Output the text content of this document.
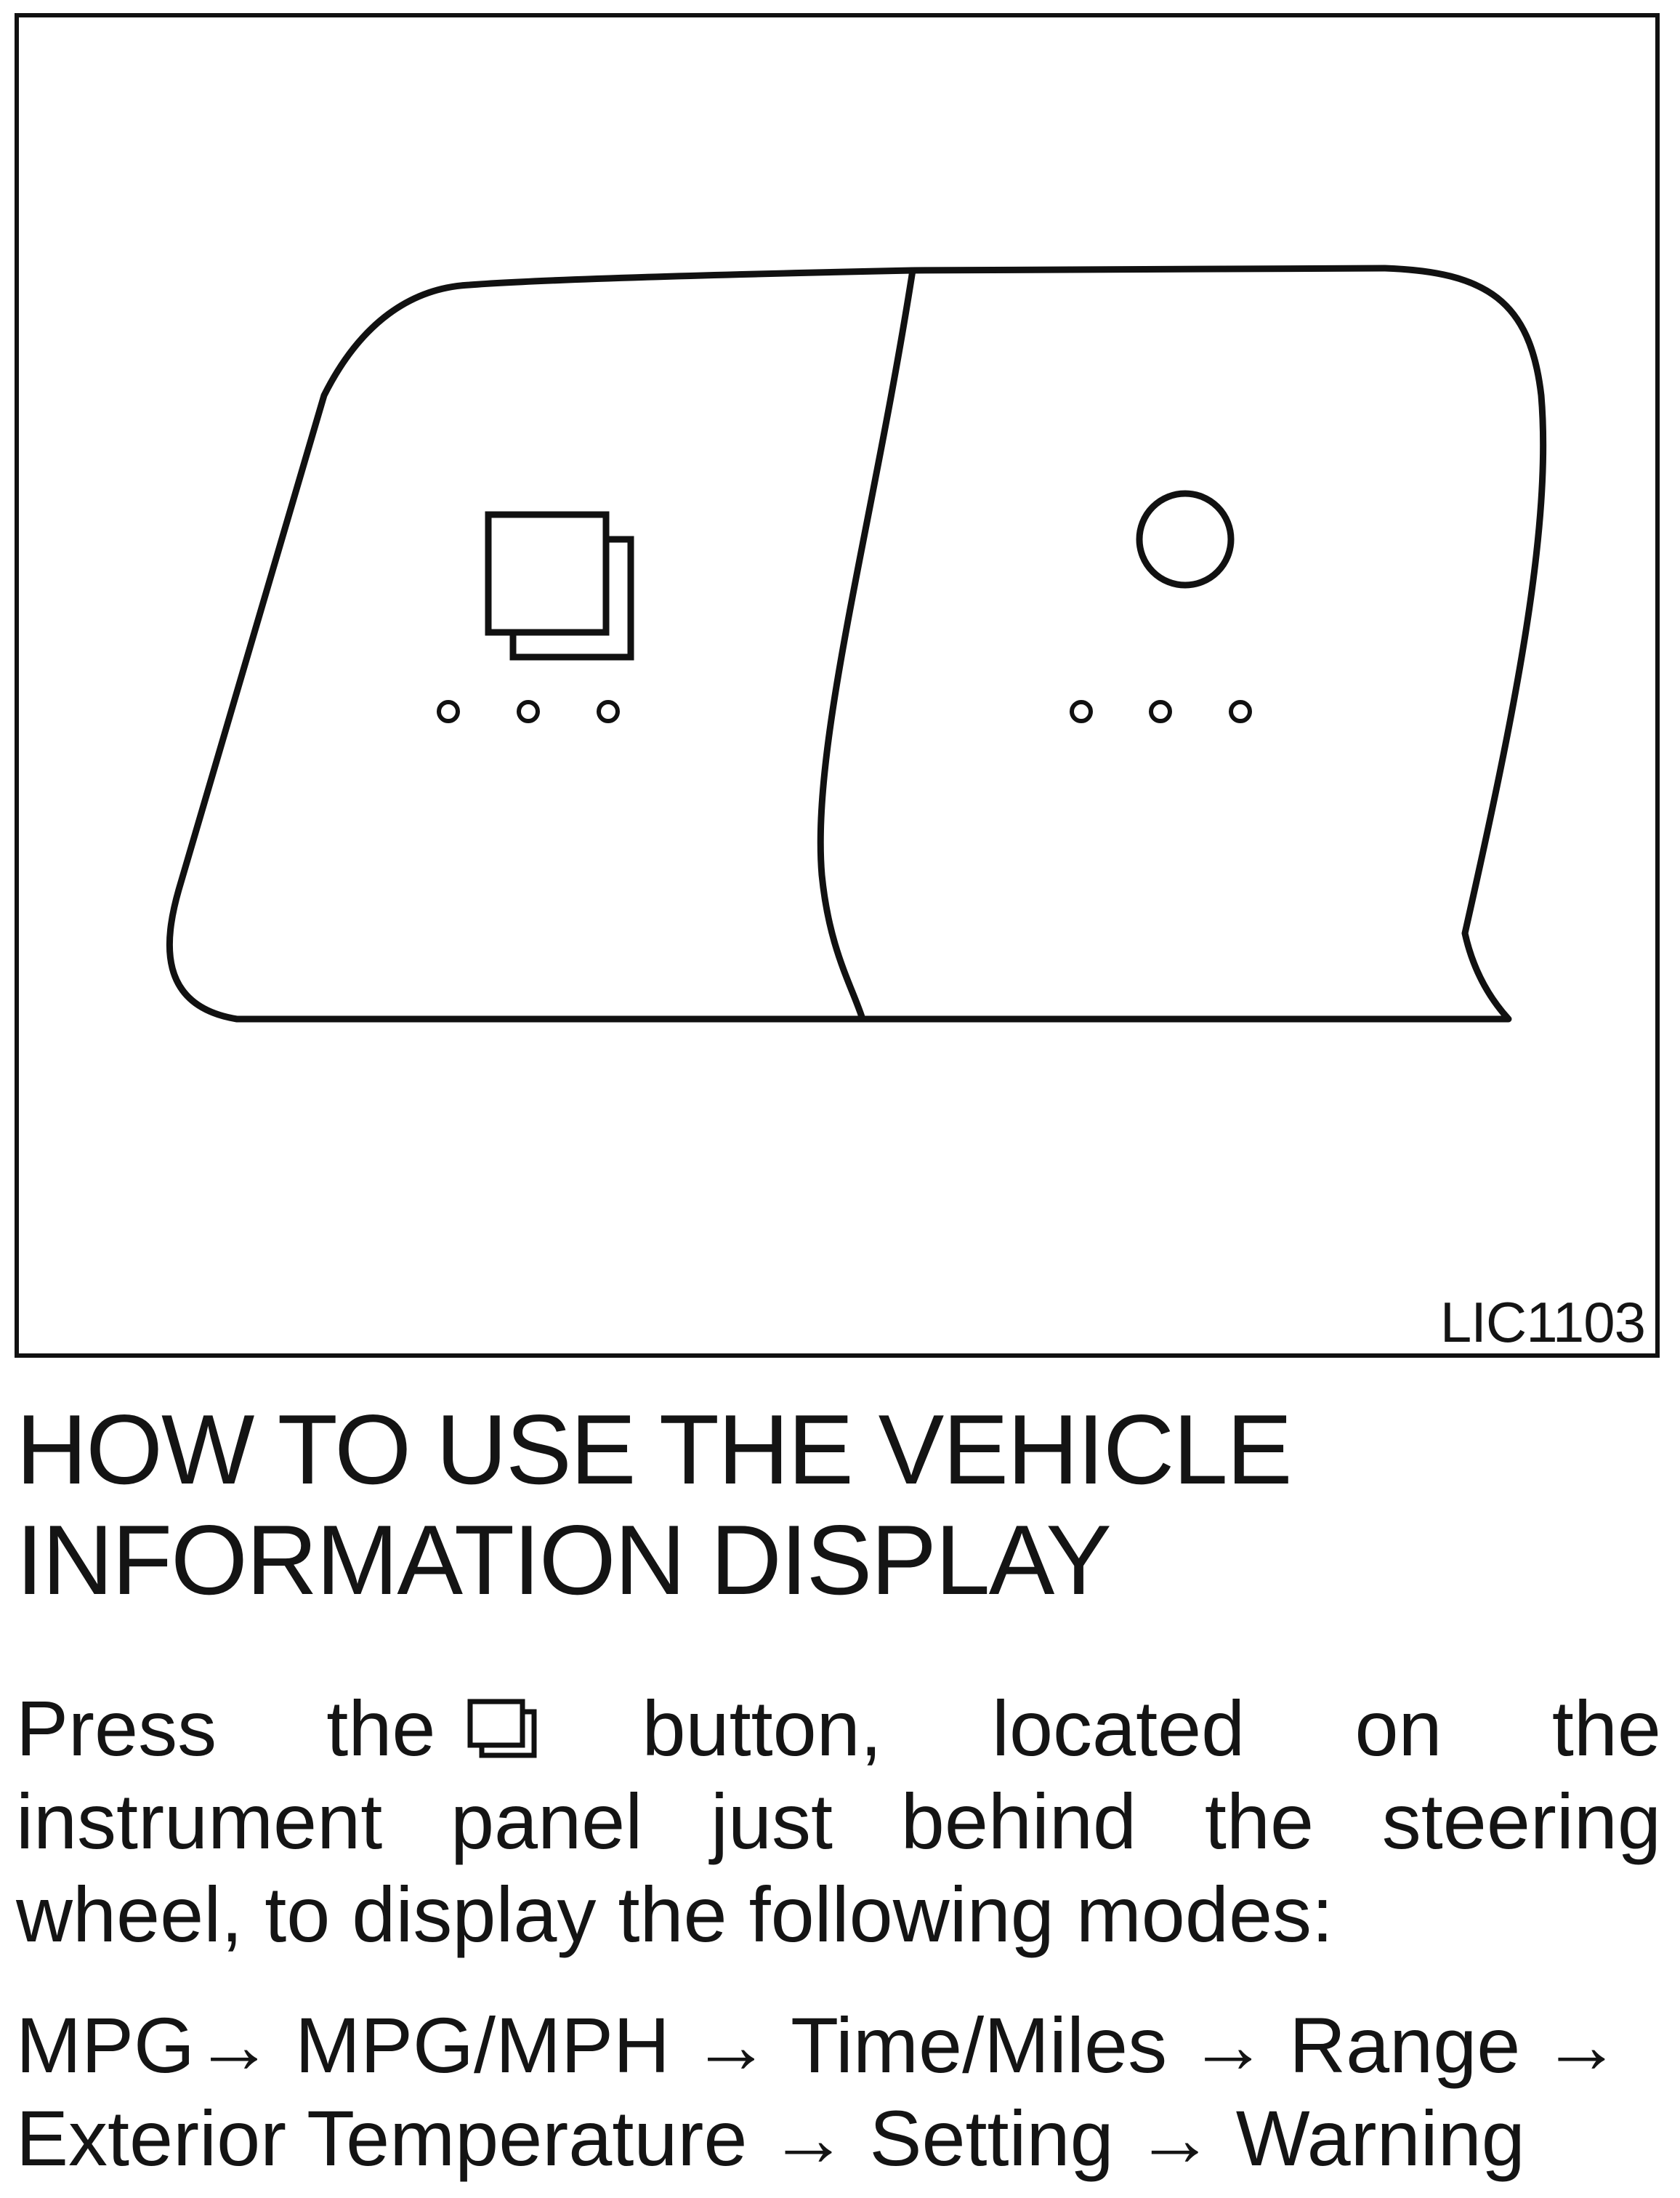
LIC1103
HOW TO USE THE VEHICLE INFORMATION DISPLAY

Press the	button, located on the instrument panel just behind the steering wheel, to display the following modes:

MPG→ MPG/MPH → Time/Miles → Range → Exterior Temperature → Setting → Warning
